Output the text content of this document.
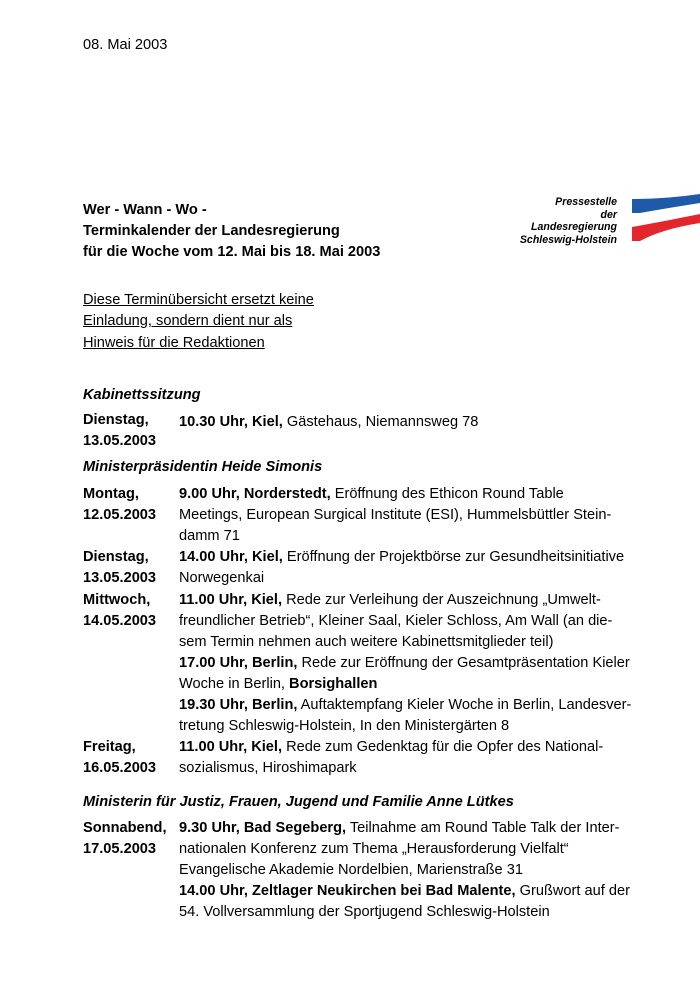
08. Mai 2003
Wer - Wann - Wo -
Terminkalender der Landesregierung
für die Woche vom 12. Mai bis 18. Mai 2003
Pressestelle
der
Landesregierung
Schleswig-Holstein
Diese Terminübersicht ersetzt keine
Einladung, sondern dient nur als
Hinweis für die Redaktionen
Kabinettssitzung
Dienstag,
13.05.2003
10.30 Uhr, Kiel, Gästehaus, Niemannsweg 78
Ministerpräsidentin Heide Simonis
Montag,
12.05.2003
9.00 Uhr, Norderstedt, Eröffnung des Ethicon Round Table
Meetings, European Surgical Institute (ESI), Hummelsbüttler Stein-
damm 71
Dienstag,
13.05.2003
14.00 Uhr, Kiel, Eröffnung der Projektbörse zur Gesundheitsinitiative
Norwegenkai
Mittwoch,
14.05.2003
11.00 Uhr, Kiel, Rede zur Verleihung der Auszeichnung „Umwelt-
freundlicher Betrieb“, Kleiner Saal, Kieler Schloss, Am Wall (an die-
sem Termin nehmen auch weitere Kabinettsmitglieder teil)
17.00 Uhr, Berlin, Rede zur Eröffnung der Gesamtpräsentation Kieler
Woche in Berlin, Borsighallen
19.30 Uhr, Berlin, Auftaktempfang Kieler Woche in Berlin, Landesver-
tretung Schleswig-Holstein, In den Ministergärten 8
Freitag,
16.05.2003
11.00 Uhr, Kiel, Rede zum Gedenktag für die Opfer des National-
sozialismus, Hiroshimapark
Ministerin für Justiz, Frauen, Jugend und Familie Anne Lütkes
Sonnabend,
17.05.2003
9.30 Uhr, Bad Segeberg, Teilnahme am Round Table Talk der Inter-
nationalen Konferenz zum Thema „Herausforderung Vielfalt“
Evangelische Akademie Nordelbien, Marienstraße 31
14.00 Uhr, Zeltlager Neukirchen bei Bad Malente, Grußwort auf der
54. Vollversammlung der Sportjugend Schleswig-Holstein
